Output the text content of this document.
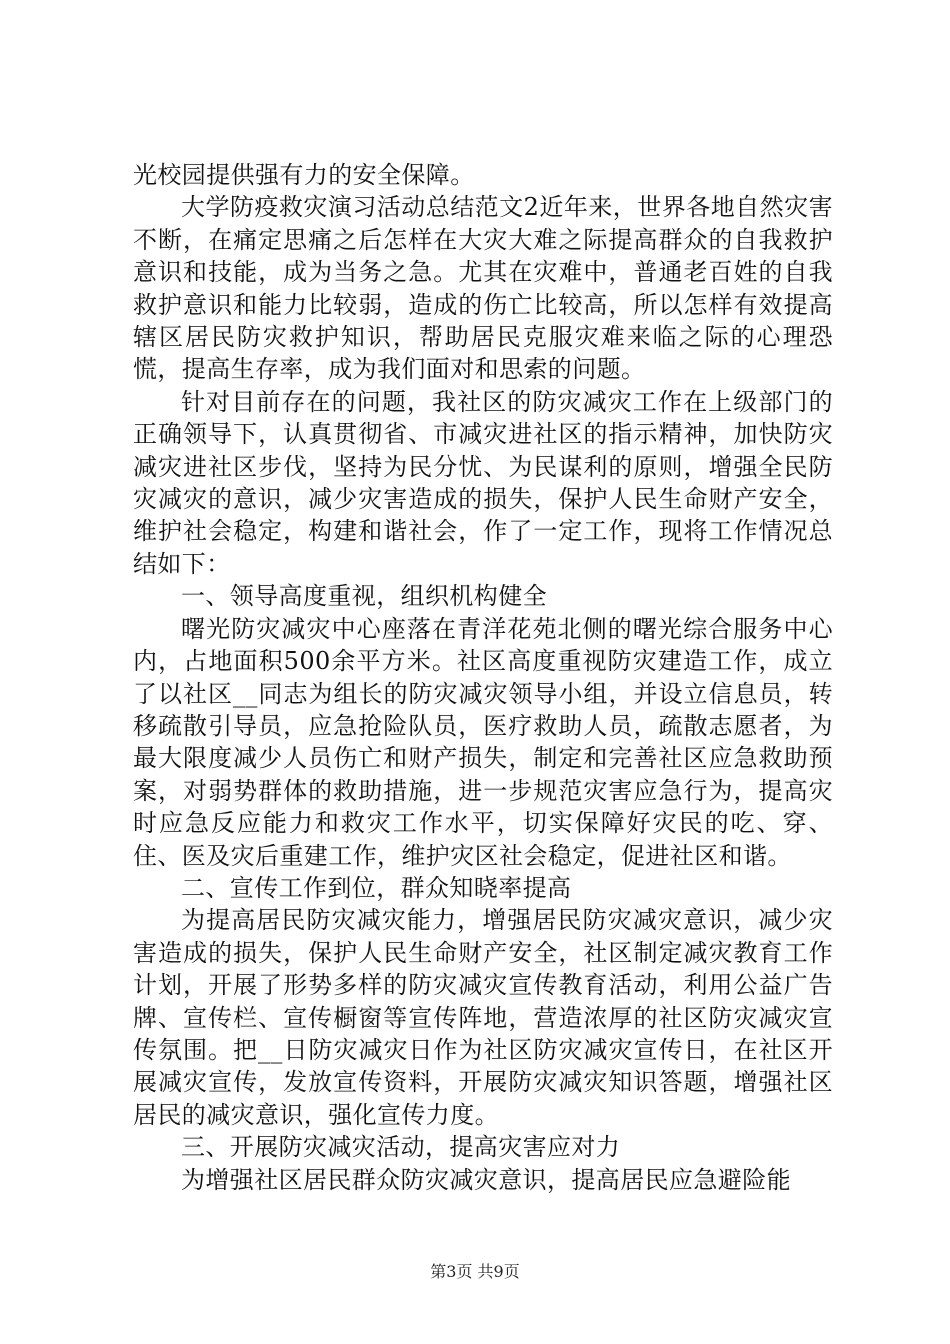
光校园提供强有力的安全保障。

大学防疫救灾演习活动总结范文2近年来，世界各地自然灾害不断，在痛定思痛之后怎样在大灾大难之际提高群众的自我救护意识和技能，成为当务之急。尤其在灾难中，普通老百姓的自我救护意识和能力比较弱，造成的伤亡比较高，所以怎样有效提高辖区居民防灾救护知识，帮助居民克服灾难来临之际的心理恐慌，提高生存率，成为我们面对和思索的问题。

针对目前存在的问题，我社区的防灾减灾工作在上级部门的正确领导下，认真贯彻省、市减灾进社区的指示精神，加快防灾减灾进社区步伐，坚持为民分忧、为民谋利的原则，增强全民防灾减灾的意识，减少灾害造成的损失，保护人民生命财产安全，维护社会稳定，构建和谐社会，作了一定工作，现将工作情况总结如下：

一、领导高度重视，组织机构健全

曙光防灾减灾中心座落在青洋花苑北侧的曙光综合服务中心内，占地面积500余平方米。社区高度重视防灾建造工作，成立了以社区__同志为组长的防灾减灾领导小组，并设立信息员，转移疏散引导员，应急抢险队员，医疗救助人员，疏散志愿者，为最大限度减少人员伤亡和财产损失，制定和完善社区应急救助预案，对弱势群体的救助措施，进一步规范灾害应急行为，提高灾时应急反应能力和救灾工作水平，切实保障好灾民的吃、穿、住、医及灾后重建工作，维护灾区社会稳定，促进社区和谐。

二、宣传工作到位，群众知晓率提高

为提高居民防灾减灾能力，增强居民防灾减灾意识，减少灾害造成的损失，保护人民生命财产安全，社区制定减灾教育工作计划，开展了形势多样的防灾减灾宣传教育活动，利用公益广告牌、宣传栏、宣传橱窗等宣传阵地，营造浓厚的社区防灾减灾宣传氛围。把__日防灾减灾日作为社区防灾减灾宣传日，在社区开展减灾宣传，发放宣传资料，开展防灾减灾知识答题，增强社区居民的减灾意识，强化宣传力度。

三、开展防灾减灾活动，提高灾害应对力

为增强社区居民群众防灾减灾意识，提高居民应急避险能

第3页 共9页
